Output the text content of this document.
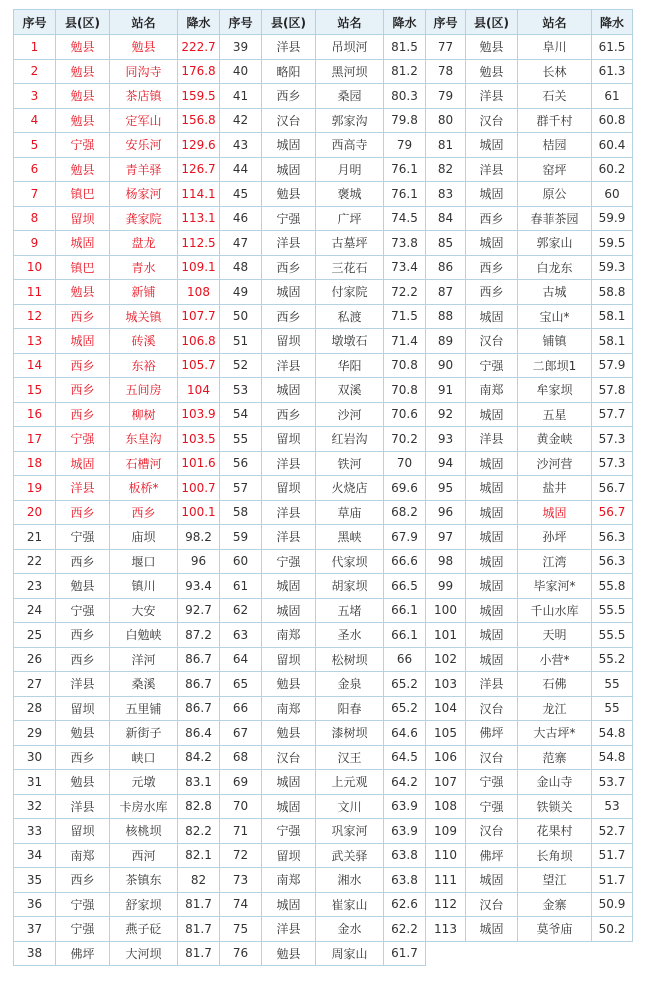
序号	县(区)	站名	降水	序号	县(区)	站名	降水	序号	县(区)	站名	降水
1	勉县	勉县	222.7	39	洋县	吊坝河	81.5	77	勉县	阜川	61.5
2	勉县	同沟寺	176.8	40	略阳	黑河坝	81.2	78	勉县	长林	61.3
3	勉县	茶店镇	159.5	41	西乡	桑园	80.3	79	洋县	石关	61
4	勉县	定军山	156.8	42	汉台	郭家沟	79.8	80	汉台	群千村	60.8
5	宁强	安乐河	129.6	43	城固	西高寺	79	81	城固	桔园	60.4
6	勉县	青羊驿	126.7	44	城固	月明	76.1	82	洋县	窑坪	60.2
7	镇巴	杨家河	114.1	45	勉县	褒城	76.1	83	城固	原公	60
8	留坝	龚家院	113.1	46	宁强	广坪	74.5	84	西乡	春菲茶园	59.9
9	城固	盘龙	112.5	47	洋县	古墓坪	73.8	85	城固	郭家山	59.5
10	镇巴	青水	109.1	48	西乡	三花石	73.4	86	西乡	白龙东	59.3
11	勉县	新铺	108	49	城固	付家院	72.2	87	西乡	古城	58.8
12	西乡	城关镇	107.7	50	西乡	私渡	71.5	88	城固	宝山*	58.1
13	城固	砖溪	106.8	51	留坝	墩墩石	71.4	89	汉台	铺镇	58.1
14	西乡	东裕	105.7	52	洋县	华阳	70.8	90	宁强	二郎坝1	57.9
15	西乡	五间房	104	53	城固	双溪	70.8	91	南郑	牟家坝	57.8
16	西乡	柳树	103.9	54	西乡	沙河	70.6	92	城固	五星	57.7
17	宁强	东皇沟	103.5	55	留坝	红岩沟	70.2	93	洋县	黄金峡	57.3
18	城固	石槽河	101.6	56	洋县	铁河	70	94	城固	沙河营	57.3
19	洋县	板桥*	100.7	57	留坝	火烧店	69.6	95	城固	盐井	56.7
20	西乡	西乡	100.1	58	洋县	草庙	68.2	96	城固	城固	56.7
21	宁强	庙坝	98.2	59	洋县	黑峡	67.9	97	城固	孙坪	56.3
22	西乡	堰口	96	60	宁强	代家坝	66.6	98	城固	江湾	56.3
23	勉县	镇川	93.4	61	城固	胡家坝	66.5	99	城固	毕家河*	55.8
24	宁强	大安	92.7	62	城固	五堵	66.1	100	城固	千山水库	55.5
25	西乡	白勉峡	87.2	63	南郑	圣水	66.1	101	城固	天明	55.5
26	西乡	洋河	86.7	64	留坝	松树坝	66	102	城固	小营*	55.2
27	洋县	桑溪	86.7	65	勉县	金泉	65.2	103	洋县	石佛	55
28	留坝	五里铺	86.7	66	南郑	阳春	65.2	104	汉台	龙江	55
29	勉县	新街子	86.4	67	勉县	漆树坝	64.6	105	佛坪	大古坪*	54.8
30	西乡	峡口	84.2	68	汉台	汉王	64.5	106	汉台	范寨	54.8
31	勉县	元墩	83.1	69	城固	上元观	64.2	107	宁强	金山寺	53.7
32	洋县	卡房水库	82.8	70	城固	文川	63.9	108	宁强	铁锁关	53
33	留坝	核桃坝	82.2	71	宁强	巩家河	63.9	109	汉台	花果村	52.7
34	南郑	西河	82.1	72	留坝	武关驿	63.8	110	佛坪	长角坝	51.7
35	西乡	茶镇东	82	73	南郑	湘水	63.8	111	城固	望江	51.7
36	宁强	舒家坝	81.7	74	城固	崔家山	62.6	112	汉台	金寨	50.9
37	宁强	燕子砭	81.7	75	洋县	金水	62.2	113	城固	莫爷庙	50.2
38	佛坪	大河坝	81.7	76	勉县	周家山	61.7				
